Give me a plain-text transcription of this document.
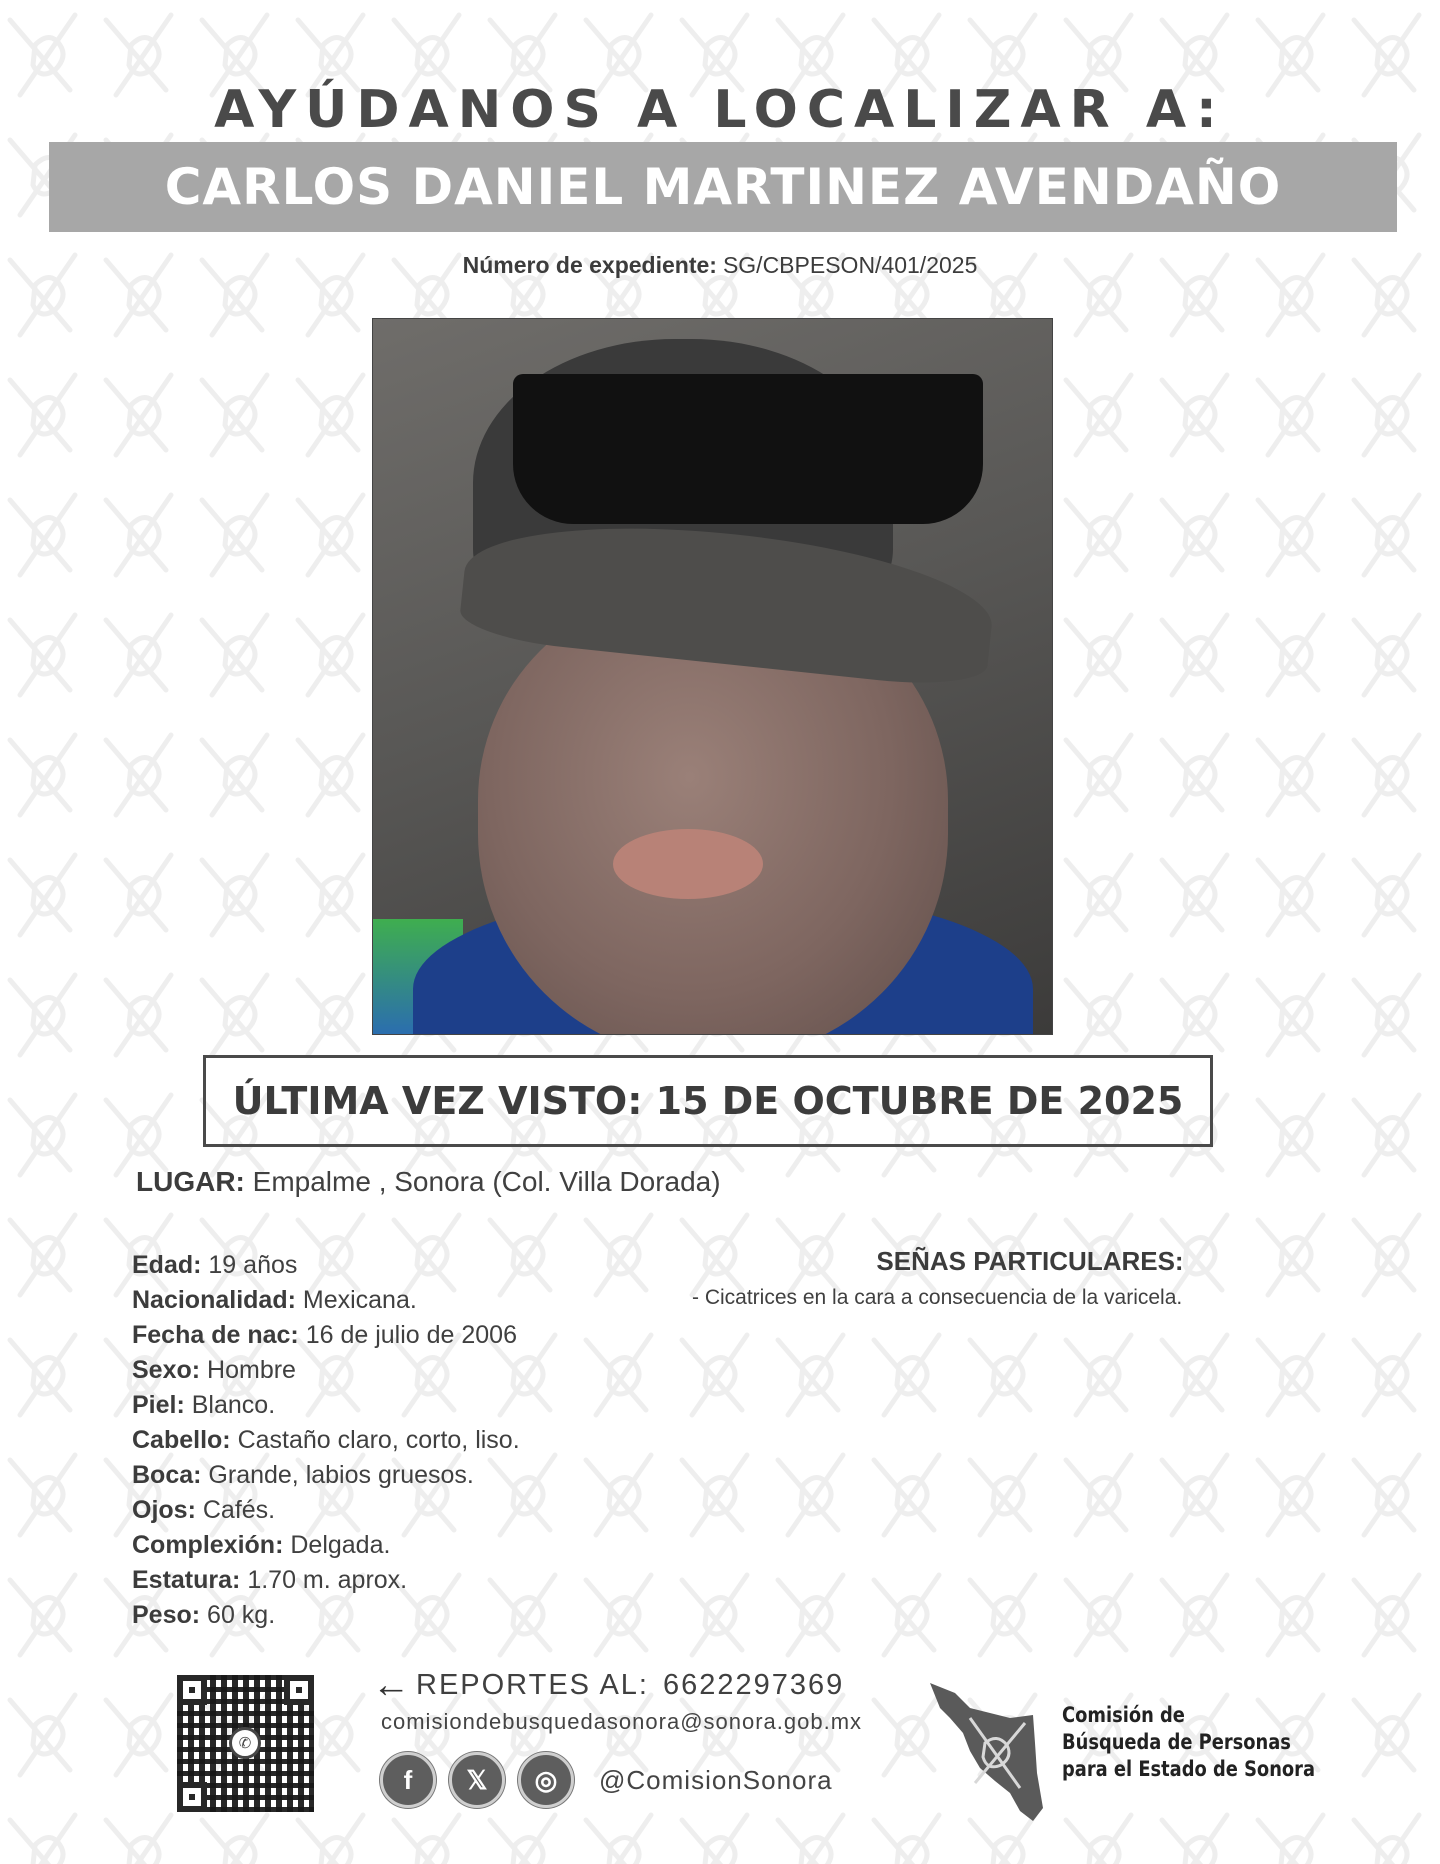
AYÚDANOS A LOCALIZAR A:
CARLOS DANIEL MARTINEZ AVENDAÑO
Número de expediente: SG/CBPESON/401/2025
ÚLTIMA VEZ VISTO: 15 DE OCTUBRE DE 2025
LUGAR: Empalme , Sonora (Col. Villa Dorada)
Edad: 19 años
Nacionalidad: Mexicana.
Fecha de nac: 16 de julio de 2006
Sexo: Hombre
Piel: Blanco.
Cabello: Castaño claro, corto, liso.
Boca: Grande, labios gruesos.
Ojos: Cafés.
Complexión: Delgada.
Estatura: 1.70 m. aprox.
Peso: 60 kg.
SEÑAS PARTICULARES:
- Cicatrices en la cara a consecuencia de la varicela.
✆
← REPORTES AL: 6622297369
comisiondebusquedasonora@sonora.gob.mx
f	𝕏	◎	@ComisionSonora
Comisión de
Búsqueda de Personas
para el Estado de Sonora
